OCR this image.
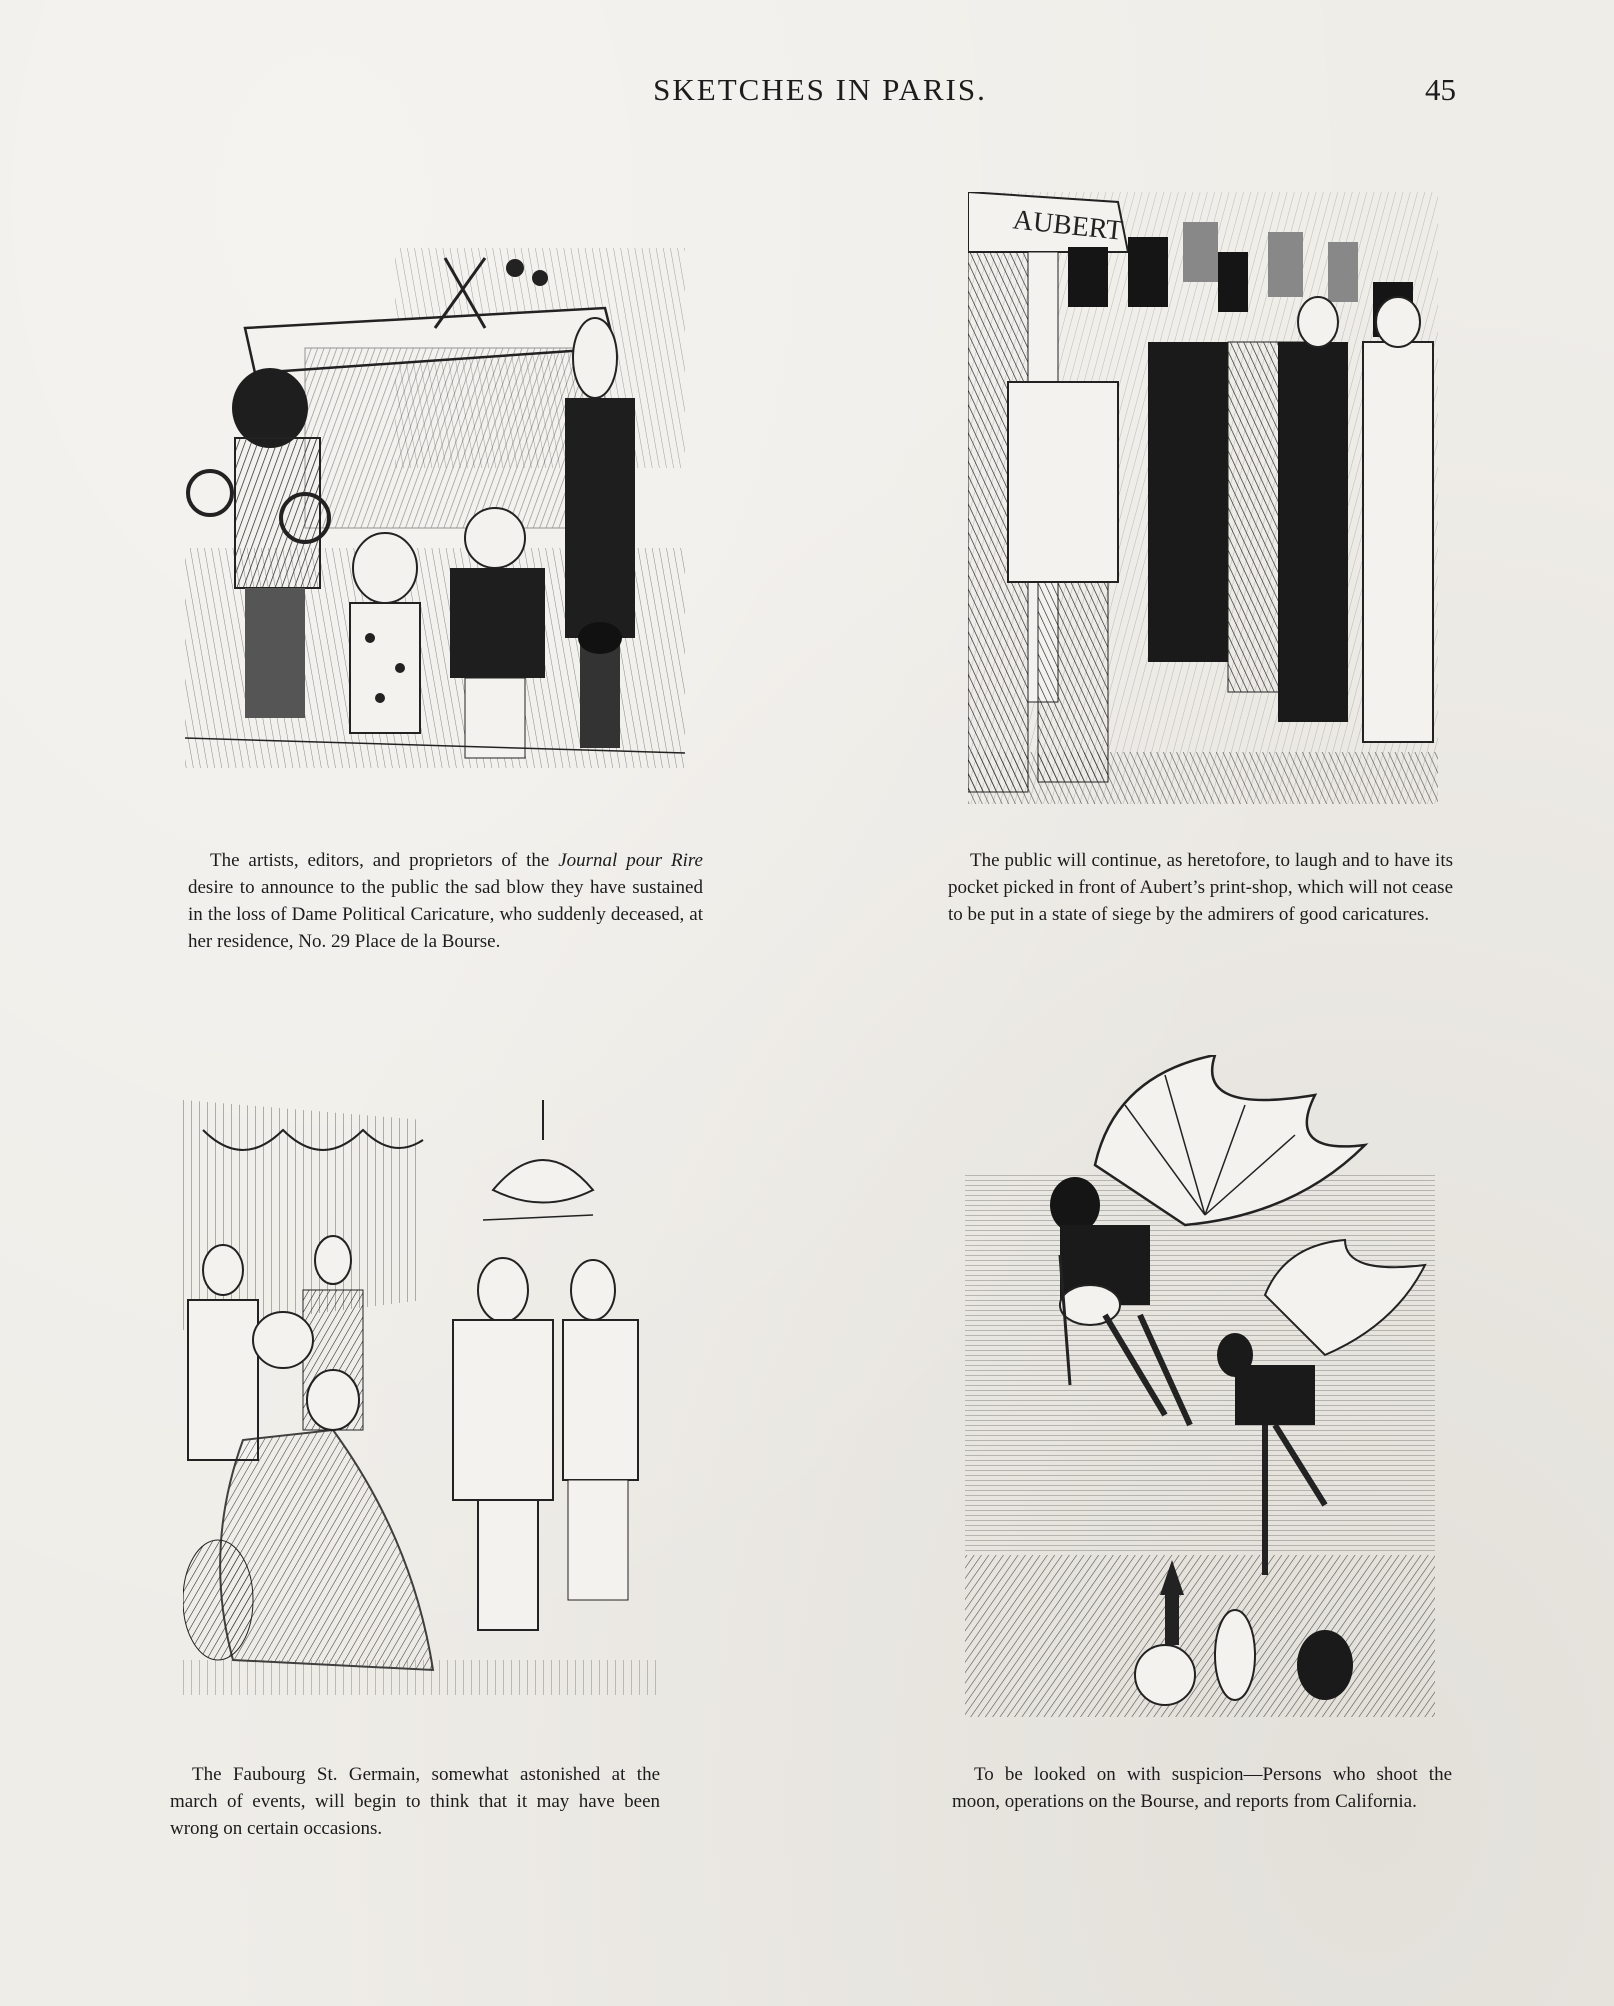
SKETCHES IN PARIS.	45

The artists, editors, and proprietors of the Journal pour Rire desire to announce to the public the sad blow they have sustained in the loss of Dame Political Caricature, who suddenly deceased, at her residence, No. 29 Place de la Bourse.

AUBERT

The public will continue, as heretofore, to laugh and to have its pocket picked in front of Aubert’s print-shop, which will not cease to be put in a state of siege by the admirers of good caricatures.

The Faubourg St. Germain, somewhat astonished at the march of events, will begin to think that it may have been wrong on certain occasions.

To be looked on with suspicion—Persons who shoot the moon, operations on the Bourse, and reports from California.
